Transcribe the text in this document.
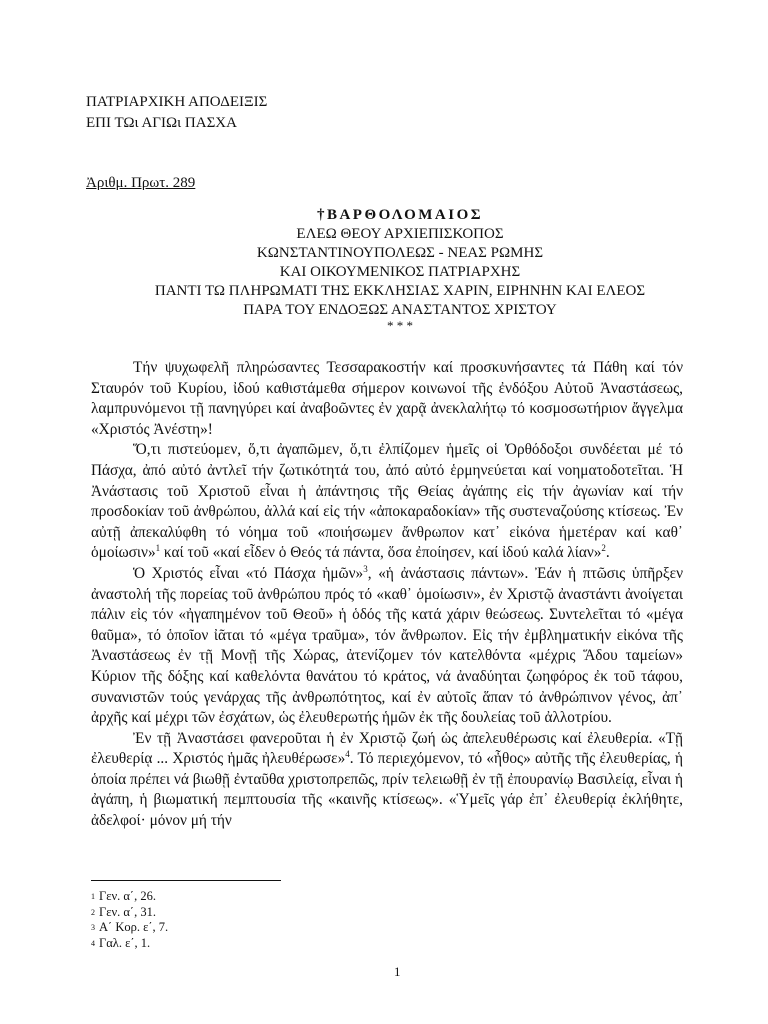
ΠΑΤΡΙΑΡΧΙΚΗ ΑΠΟΔΕΙΞΙΣ
ΕΠΙ ΤΩι ΑΓΙΩι ΠΑΣΧΑ
Ἀριθμ. Πρωτ. 289
†ΒΑΡΘΟΛΟΜΑΙΟΣ
ΕΛΕΩ ΘΕΟΥ ΑΡΧΙΕΠΙΣΚΟΠΟΣ
ΚΩΝΣΤΑΝΤΙΝΟΥΠΟΛΕΩΣ - ΝΕΑΣ ΡΩΜΗΣ
ΚΑΙ ΟΙΚΟΥΜΕΝΙΚΟΣ ΠΑΤΡΙΑΡΧΗΣ
ΠΑΝΤΙ ΤΩ ΠΛΗΡΩΜΑΤΙ ΤΗΣ ΕΚΚΛΗΣΙΑΣ ΧΑΡΙΝ, ΕΙΡΗΝΗΝ ΚΑΙ ΕΛΕΟΣ
ΠΑΡΑ ΤΟΥ ΕΝΔΟΞΩΣ ΑΝΑΣΤΑΝΤΟΣ ΧΡΙΣΤΟΥ
* * *

Τήν ψυχωφελῆ πληρώσαντες Τεσσαρακοστήν καί προσκυνήσαντες τά Πάθη καί τόν Σταυρόν τοῦ Κυρίου, ἰδού καθιστάμεθα σήμερον κοινωνοί τῆς ἐνδόξου Αὐτοῦ Ἀναστάσεως, λαμπρυνόμενοι τῇ πανηγύρει καί ἀναβοῶντες ἐν χαρᾷ ἀνεκλαλήτῳ τό κοσμοσωτήριον ἄγγελμα «Χριστός Ἀνέστη»!

Ὅ,τι πιστεύομεν, ὅ,τι ἀγαπῶμεν, ὅ,τι ἐλπίζομεν ἡμεῖς οἱ Ὀρθόδοξοι συνδέεται μέ τό Πάσχα, ἀπό αὐτό ἀντλεῖ τήν ζωτικότητά του, ἀπό αὐτό ἑρμηνεύεται καί νοηματοδοτεῖται. Ἡ Ἀνάστασις τοῦ Χριστοῦ εἶναι ἡ ἀπάντησις τῆς Θείας ἀγάπης εἰς τήν ἀγωνίαν καί τήν προσδοκίαν τοῦ ἀνθρώπου, ἀλλά καί εἰς τήν «ἀποκαραδοκίαν» τῆς συστεναζούσης κτίσεως. Ἐν αὐτῇ ἀπεκαλύφθη τό νόημα τοῦ «ποιήσωμεν ἄνθρωπον κατ᾽ εἰκόνα ἡμετέραν καί καθ᾽ ὁμοίωσιν»$^1$ καί τοῦ «καί εἶδεν ὁ Θεός τά πάντα, ὅσα ἐποίησεν, καί ἰδού καλά λίαν»$^2$.

Ὁ Χριστός εἶναι «τό Πάσχα ἡμῶν»$^3$, «ἡ ἀνάστασις πάντων». Ἐάν ἡ πτῶσις ὑπῆρξεν ἀναστολή τῆς πορείας τοῦ ἀνθρώπου πρός τό «καθ᾽ ὁμοίωσιν», ἐν Χριστῷ ἀναστάντι ἀνοίγεται πάλιν εἰς τόν «ἠγαπημένον τοῦ Θεοῦ» ἡ ὁδός τῆς κατά χάριν θεώσεως. Συντελεῖται τό «μέγα θαῦμα», τό ὁποῖον ἰᾶται τό «μέγα τραῦμα», τόν ἄνθρωπον. Εἰς τήν ἐμβληματικήν εἰκόνα τῆς Ἀναστάσεως ἐν τῇ Μονῇ τῆς Χώρας, ἀτενίζομεν τόν κατελθόντα «μέχρις Ἅδου ταμείων» Κύριον τῆς δόξης καί καθελόντα θανάτου τό κράτος, νά ἀναδύηται ζωηφόρος ἐκ τοῦ τάφου, συνανιστῶν τούς γενάρχας τῆς ἀνθρωπότητος, καί ἐν αὐτοῖς ἅπαν τό ἀνθρώπινον γένος, ἀπ᾽ ἀρχῆς καί μέχρι τῶν ἐσχάτων, ὡς ἐλευθερωτής ἡμῶν ἐκ τῆς δουλείας τοῦ ἀλλοτρίου.

Ἐν τῇ Ἀναστάσει φανεροῦται ἡ ἐν Χριστῷ ζωή ὡς ἀπελευθέρωσις καί ἐλευθερία. «Τῇ ἐλευθερίᾳ ... Χριστός ἡμᾶς ἠλευθέρωσε»$^4$. Τό περιεχόμενον, τό «ἦθος» αὐτῆς τῆς ἐλευθερίας, ἡ ὁποία πρέπει νά βιωθῇ ἐνταῦθα χριστοπρεπῶς, πρίν τελειωθῇ ἐν τῇ ἐπουρανίῳ Βασιλείᾳ, εἶναι ἡ ἀγάπη, ἡ βιωματική πεμπτουσία τῆς «καινῆς κτίσεως». «Ὑμεῖς γάρ ἐπ᾽ ἐλευθερίᾳ ἐκλήθητε, ἀδελφοί· μόνον μή τήν

$^1$ Γεν. α΄, 26.
$^2$ Γεν. α΄, 31.
$^3$ Α΄ Κορ. ε΄, 7.
$^4$ Γαλ. ε΄, 1.
1
